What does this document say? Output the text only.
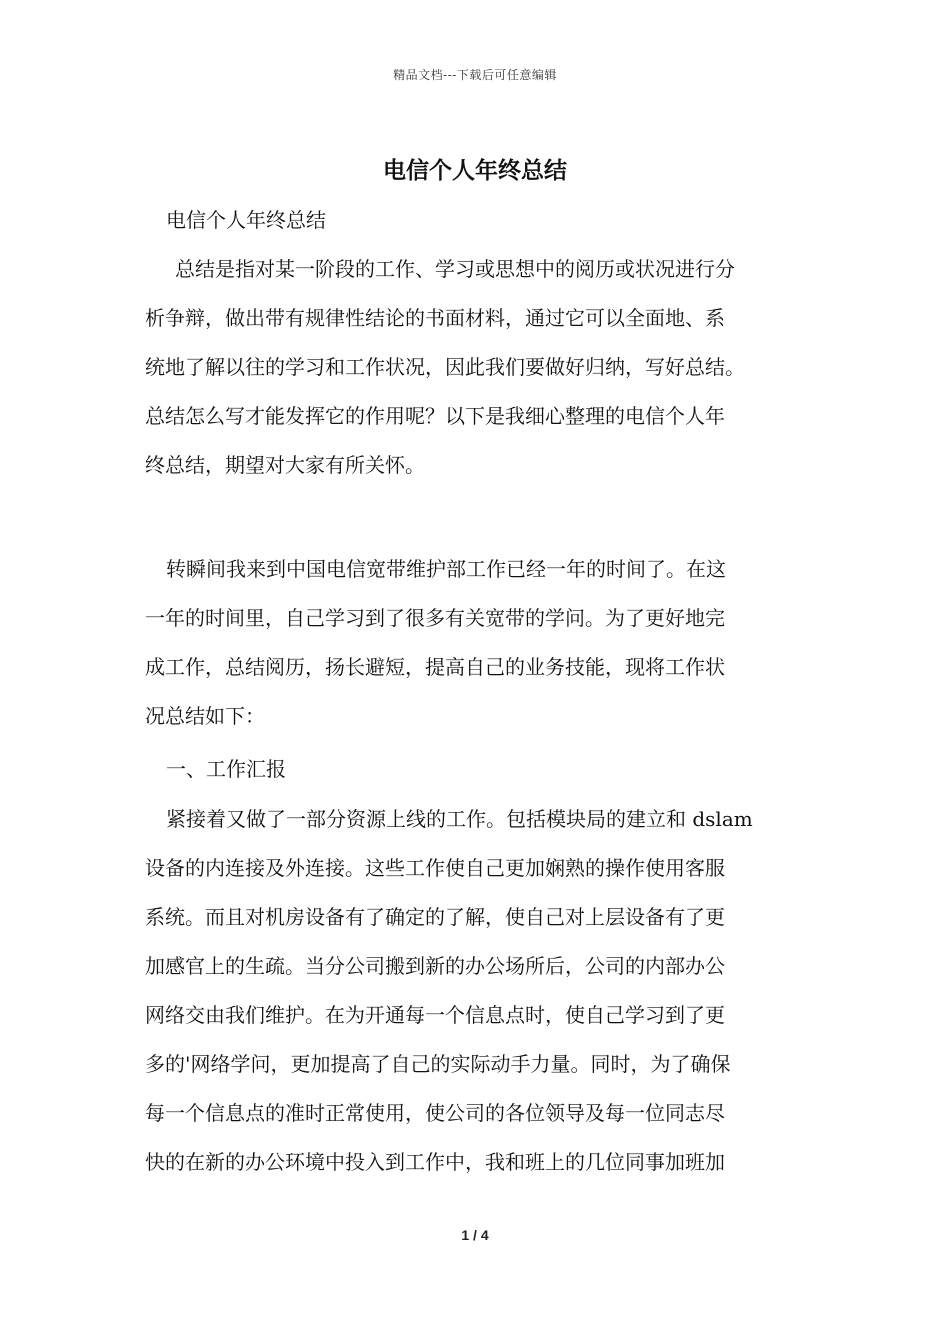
精品文档---下载后可任意编辑
电信个人年终总结
电信个人年终总结
总结是指对某一阶段的工作、学习或思想中的阅历或状况进行分
析争辩，做出带有规律性结论的书面材料，通过它可以全面地、系
统地了解以往的学习和工作状况，因此我们要做好归纳，写好总结。
总结怎么写才能发挥它的作用呢？以下是我细心整理的电信个人年
终总结，期望对大家有所关怀。
转瞬间我来到中国电信宽带维护部工作已经一年的时间了。在这
一年的时间里，自己学习到了很多有关宽带的学问。为了更好地完
成工作，总结阅历，扬长避短，提高自己的业务技能，现将工作状
况总结如下：
一、工作汇报
紧接着又做了一部分资源上线的工作。包括模块局的建立和 dslam
设备的内连接及外连接。这些工作使自己更加娴熟的操作使用客服
系统。而且对机房设备有了确定的了解，使自己对上层设备有了更
加感官上的生疏。当分公司搬到新的办公场所后，公司的内部办公
网络交由我们维护。在为开通每一个信息点时，使自己学习到了更
多的'网络学问，更加提高了自己的实际动手力量。同时，为了确保
每一个信息点的准时正常使用，使公司的各位领导及每一位同志尽
快的在新的办公环境中投入到工作中，我和班上的几位同事加班加
1 / 4
